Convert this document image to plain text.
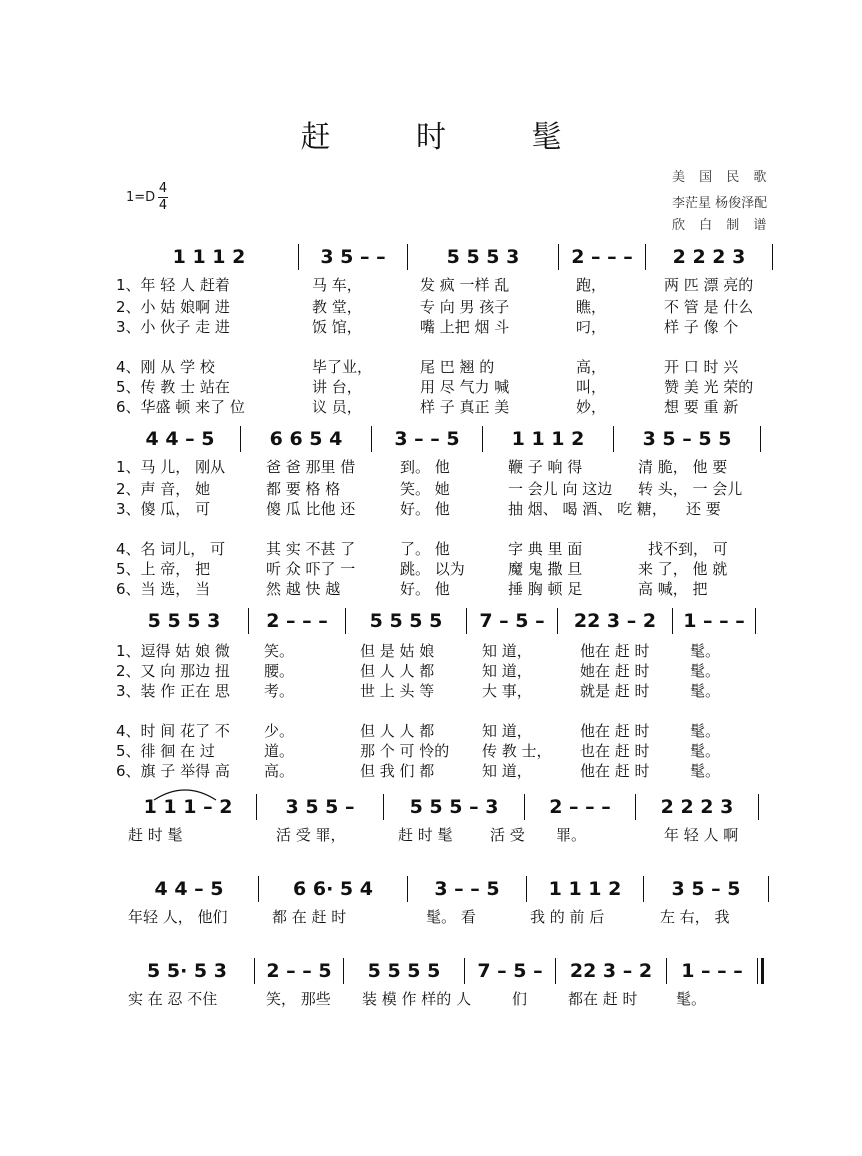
赶 时 髦
美 国 民 歌
李茫星 杨俊泽配
欣 白 制 谱
1=D
4
4
1 1 1 2	3 5 – –	5 5 5 3	2 – – –	2 2 2 3
1、年 轻 人 赶着	马 车，	发 疯 一样 乱	跑，	两 匹 漂 亮的
2、小 姑 娘啊 进	教 堂，	专 向 男 孩子	瞧，	不 管 是 什么
3、小 伙子 走 进	饭 馆，	嘴 上把 烟 斗	叼，	样 子 像 个
4、刚 从 学 校	毕了业，	尾 巴 翘 的	高，	开 口 时 兴
5、传 教 士 站在	讲 台，	用 尽 气力 喊	叫，	赞 美 光 荣的
6、华盛 顿 来了 位	议 员，	样 子 真正 美	妙，	想 要 重 新
4 4 – 5	6 6 5 4	3 – – 5	1 1 1 2	3 5 – 5 5
1、马 儿， 刚从	爸 爸 那里 借	到。 他	鞭 子 响 得	清 脆， 他 要
2、声 音， 她	都 要 格 格	笑。 她	一 会儿 向 这边 转 头， 一 会儿
3、傻 瓜， 可	傻 瓜 比他 还	好。 他	抽 烟、 喝 酒、 吃 糖， 还 要
4、名 词儿， 可	其 实 不甚 了	了。 他	字 典 里 面	找不到， 可
5、上 帝， 把	听 众 吓了 一	跳。 以为	魔 鬼 撒 旦	来 了， 他 就
6、当 选， 当	然 越 快 越	好。 他	捶 胸 顿 足	高 喊， 把
5 5 5 3	2 – – –	5 5 5 5	7 – 5 –	22 3 – 2	1 – – –
1、逗得 姑 娘 微 笑。	但 是 姑 娘	知 道，	他在 赶 时	髦。
2、又 向 那边 扭 腰。	但 人 人 都	知 道，	她在 赶 时	髦。
3、装 作 正在 思 考。	世 上 头 等	大 事，	就是 赶 时	髦。
4、时 间 花了 不 少。	但 人 人 都	知 道，	他在 赶 时	髦。
5、徘 徊 在 过	道。	那 个 可 怜的 传 教 士， 也在 赶 时	髦。
6、旗 子 举得 高 高。	但 我 们 都	知 道，	他在 赶 时	髦。
1 1 1 – 2	3 5 5 –	5 5 5 – 3	2 – – –	2 2 2 3
赶 时 髦	活 受 罪，	赶 时 髦 活 受 罪。	年 轻 人 啊
4 4 – 5	6 6· 5 4	3 – – 5	1 1 1 2	3 5 – 5
年轻 人， 他们	都 在 赶 时	髦。 看	我 的 前 后	左 右， 我
5 5· 5 3	2 – – 5	5 5 5 5	7 – 5 –	22 3 – 2	1 – – –
实 在 忍 不住	笑， 那些 装 模 作 样的 人	们	都在 赶 时	髦。
